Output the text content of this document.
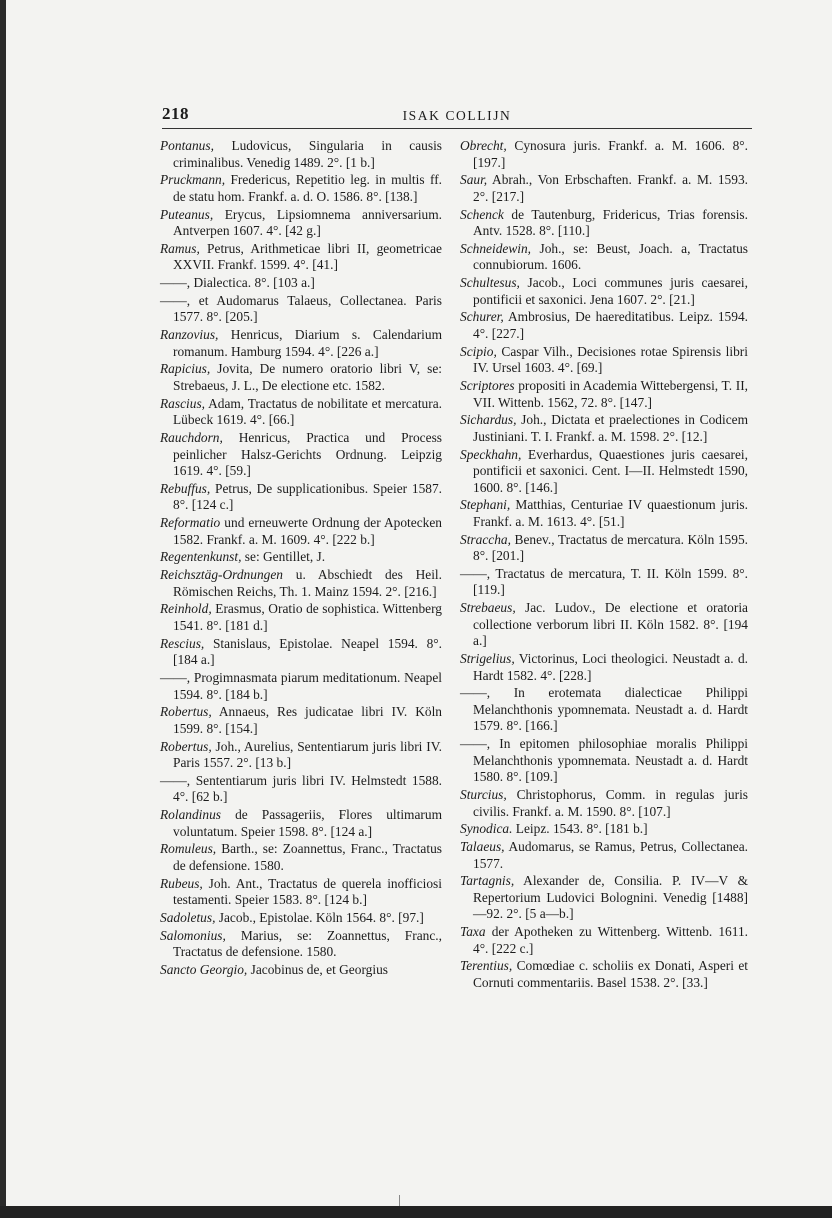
218	ISAK COLLIJN
Pontanus, Ludovicus, Singularia in causis criminalibus. Venedig 1489. 2°. [1 b.]
Pruckmann, Fredericus, Repetitio leg. in multis ff. de statu hom. Frankf. a. d. O. 1586. 8°. [138.]
Puteanus, Erycus, Lipsiomnema anniversarium. Antverpen 1607. 4°. [42 g.]
Ramus, Petrus, Arithmeticae libri II, geometricae XXVII. Frankf. 1599. 4°. [41.]
——, Dialectica. 8°. [103 a.]
——, et Audomarus Talaeus, Collectanea. Paris 1577. 8°. [205.]
Ranzovius, Henricus, Diarium s. Calendarium romanum. Hamburg 1594. 4°. [226 a.]
Rapicius, Jovita, De numero oratorio libri V, se: Strebaeus, J. L., De electione etc. 1582.
Rascius, Adam, Tractatus de nobilitate et mercatura. Lübeck 1619. 4°. [66.]
Rauchdorn, Henricus, Practica und Process peinlicher Halsz-Gerichts Ordnung. Leipzig 1619. 4°. [59.]
Rebuffus, Petrus, De supplicationibus. Speier 1587. 8°. [124 c.]
Reformatio und erneuwerte Ordnung der Apotecken 1582. Frankf. a. M. 1609. 4°. [222 b.]
Regentenkunst, se: Gentillet, J.
Reichsztäg-Ordnungen u. Abschiedt des Heil. Römischen Reichs, Th. 1. Mainz 1594. 2°. [216.]
Reinhold, Erasmus, Oratio de sophistica. Wittenberg 1541. 8°. [181 d.]
Rescius, Stanislaus, Epistolae. Neapel 1594. 8°. [184 a.]
——, Progimnasmata piarum meditationum. Neapel 1594. 8°. [184 b.]
Robertus, Annaeus, Res judicatae libri IV. Köln 1599. 8°. [154.]
Robertus, Joh., Aurelius, Sententiarum juris libri IV. Paris 1557. 2°. [13 b.]
——, Sententiarum juris libri IV. Helmstedt 1588. 4°. [62 b.]
Rolandinus de Passageriis, Flores ultimarum voluntatum. Speier 1598. 8°. [124 a.]
Romuleus, Barth., se: Zoannettus, Franc., Tractatus de defensione. 1580.
Rubeus, Joh. Ant., Tractatus de querela inofficiosi testamenti. Speier 1583. 8°. [124 b.]
Sadoletus, Jacob., Epistolae. Köln 1564. 8°. [97.]
Salomonius, Marius, se: Zoannettus, Franc., Tractatus de defensione. 1580.
Sancto Georgio, Jacobinus de, et Georgius
Obrecht, Cynosura juris. Frankf. a. M. 1606. 8°. [197.]
Saur, Abrah., Von Erbschaften. Frankf. a. M. 1593. 2°. [217.]
Schenck de Tautenburg, Fridericus, Trias forensis. Antv. 1528. 8°. [110.]
Schneidewin, Joh., se: Beust, Joach. a, Tractatus connubiorum. 1606.
Schultesus, Jacob., Loci communes juris caesarei, pontificii et saxonici. Jena 1607. 2°. [21.]
Schurer, Ambrosius, De haereditatibus. Leipz. 1594. 4°. [227.]
Scipio, Caspar Vilh., Decisiones rotae Spirensis libri IV. Ursel 1603. 4°. [69.]
Scriptores propositi in Academia Wittebergensi, T. II, VII. Wittenb. 1562, 72. 8°. [147.]
Sichardus, Joh., Dictata et praelectiones in Codicem Justiniani. T. I. Frankf. a. M. 1598. 2°. [12.]
Speckhahn, Everhardus, Quaestiones juris caesarei, pontificii et saxonici. Cent. I—II. Helmstedt 1590, 1600. 8°. [146.]
Stephani, Matthias, Centuriae IV quaestionum juris. Frankf. a. M. 1613. 4°. [51.]
Straccha, Benev., Tractatus de mercatura. Köln 1595. 8°. [201.]
——, Tractatus de mercatura, T. II. Köln 1599. 8°. [119.]
Strebaeus, Jac. Ludov., De electione et oratoria collectione verborum libri II. Köln 1582. 8°. [194 a.]
Strigelius, Victorinus, Loci theologici. Neustadt a. d. Hardt 1582. 4°. [228.]
——, In erotemata dialecticae Philippi Melanchthonis ypomnemata. Neustadt a. d. Hardt 1579. 8°. [166.]
——, In epitomen philosophiae moralis Philippi Melanchthonis ypomnemata. Neustadt a. d. Hardt 1580. 8°. [109.]
Sturcius, Christophorus, Comm. in regulas juris civilis. Frankf. a. M. 1590. 8°. [107.]
Synodica. Leipz. 1543. 8°. [181 b.]
Talaeus, Audomarus, se Ramus, Petrus, Collectanea. 1577.
Tartagnis, Alexander de, Consilia. P. IV—V & Repertorium Ludovici Bolognini. Venedig [1488]—92. 2°. [5 a—b.]
Taxa der Apotheken zu Wittenberg. Wittenb. 1611. 4°. [222 c.]
Terentius, Comœdiae c. scholiis ex Donati, Asperi et Cornuti commentariis. Basel 1538. 2°. [33.]
